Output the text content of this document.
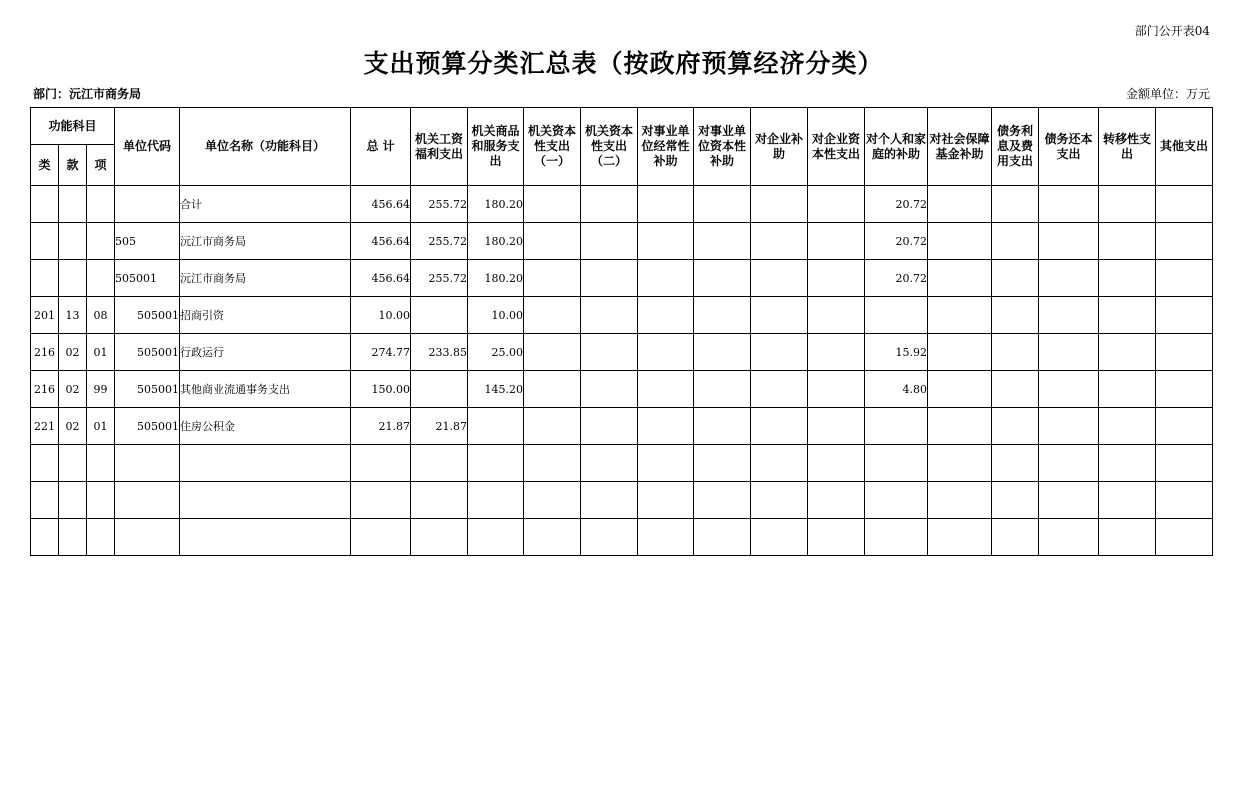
部门公开表04
支出预算分类汇总表（按政府预算经济分类）
部门：沅江市商务局	金额单位：万元
功能科目			单位代码	单位名称（功能科目）	总 计	机关工资福利支出	机关商品和服务支出	机关资本性支出（一）	机关资本性支出（二）	对事业单位经常性补助	对事业单位资本性补助	对企业补助	对企业资本性支出	对个人和家庭的补助	对社会保障基金补助	债务利息及费用支出	债务还本支出	转移性支出	其他支出
类	款	项																	
				合计	456.64	255.72	180.20							20.72					
			505	沅江市商务局	456.64	255.72	180.20							20.72					
			505001	沅江市商务局	456.64	255.72	180.20							20.72					
201	13	08	505001	招商引资	10.00		10.00												
216	02	01	505001	行政运行	274.77	233.85	25.00							15.92					
216	02	99	505001	其他商业流通事务支出	150.00		145.20							4.80					
221	02	01	505001	住房公积金	21.87	21.87													
